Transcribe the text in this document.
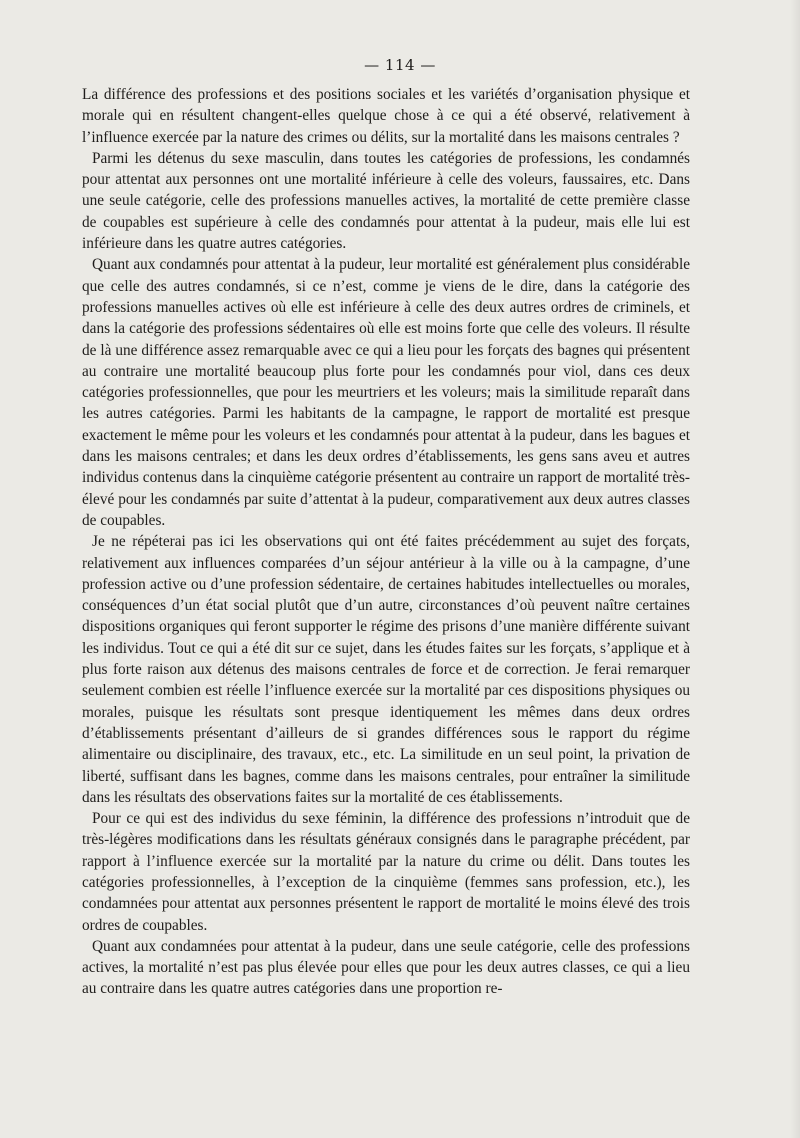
— 114 —

La différence des professions et des positions sociales et les variétés d’organisation physique et morale qui en résultent changent-elles quelque chose à ce qui a été observé, relativement à l’influence exercée par la nature des crimes ou délits, sur la mortalité dans les maisons centrales ?

Parmi les détenus du sexe masculin, dans toutes les catégories de professions, les condamnés pour attentat aux personnes ont une mortalité inférieure à celle des voleurs, faussaires, etc. Dans une seule catégorie, celle des professions manuelles actives, la mortalité de cette première classe de coupables est supérieure à celle des condamnés pour attentat à la pudeur, mais elle lui est inférieure dans les quatre autres catégories.

Quant aux condamnés pour attentat à la pudeur, leur mortalité est généralement plus considérable que celle des autres condamnés, si ce n’est, comme je viens de le dire, dans la catégorie des professions manuelles actives où elle est inférieure à celle des deux autres ordres de criminels, et dans la catégorie des professions sédentaires où elle est moins forte que celle des voleurs. Il résulte de là une différence assez remarquable avec ce qui a lieu pour les forçats des bagnes qui présentent au contraire une mortalité beaucoup plus forte pour les condamnés pour viol, dans ces deux catégories professionnelles, que pour les meurtriers et les voleurs; mais la similitude reparaît dans les autres catégories. Parmi les habitants de la campagne, le rapport de mortalité est presque exactement le même pour les voleurs et les condamnés pour attentat à la pudeur, dans les bagues et dans les maisons centrales; et dans les deux ordres d’établissements, les gens sans aveu et autres individus contenus dans la cinquième catégorie présentent au contraire un rapport de mortalité très-élevé pour les condamnés par suite d’attentat à la pudeur, comparativement aux deux autres classes de coupables.

Je ne répéterai pas ici les observations qui ont été faites précédemment au sujet des forçats, relativement aux influences comparées d’un séjour antérieur à la ville ou à la campagne, d’une profession active ou d’une profession sédentaire, de certaines habitudes intellectuelles ou morales, conséquences d’un état social plutôt que d’un autre, circonstances d’où peuvent naître certaines dispositions organiques qui feront supporter le régime des prisons d’une manière différente suivant les individus. Tout ce qui a été dit sur ce sujet, dans les études faites sur les forçats, s’applique et à plus forte raison aux détenus des maisons centrales de force et de correction. Je ferai remarquer seulement combien est réelle l’influence exercée sur la mortalité par ces dispositions physiques ou morales, puisque les résultats sont presque identiquement les mêmes dans deux ordres d’établissements présentant d’ailleurs de si grandes différences sous le rapport du régime alimentaire ou disciplinaire, des travaux, etc., etc. La similitude en un seul point, la privation de liberté, suffisant dans les bagnes, comme dans les maisons centrales, pour entraîner la similitude dans les résultats des observations faites sur la mortalité de ces établissements.

Pour ce qui est des individus du sexe féminin, la différence des professions n’introduit que de très-légères modifications dans les résultats généraux consignés dans le paragraphe précédent, par rapport à l’influence exercée sur la mortalité par la nature du crime ou délit. Dans toutes les catégories professionnelles, à l’exception de la cinquième (femmes sans profession, etc.), les condamnées pour attentat aux personnes présentent le rapport de mortalité le moins élevé des trois ordres de coupables.

Quant aux condamnées pour attentat à la pudeur, dans une seule catégorie, celle des professions actives, la mortalité n’est pas plus élevée pour elles que pour les deux autres classes, ce qui a lieu au contraire dans les quatre autres catégories dans une proportion re-
